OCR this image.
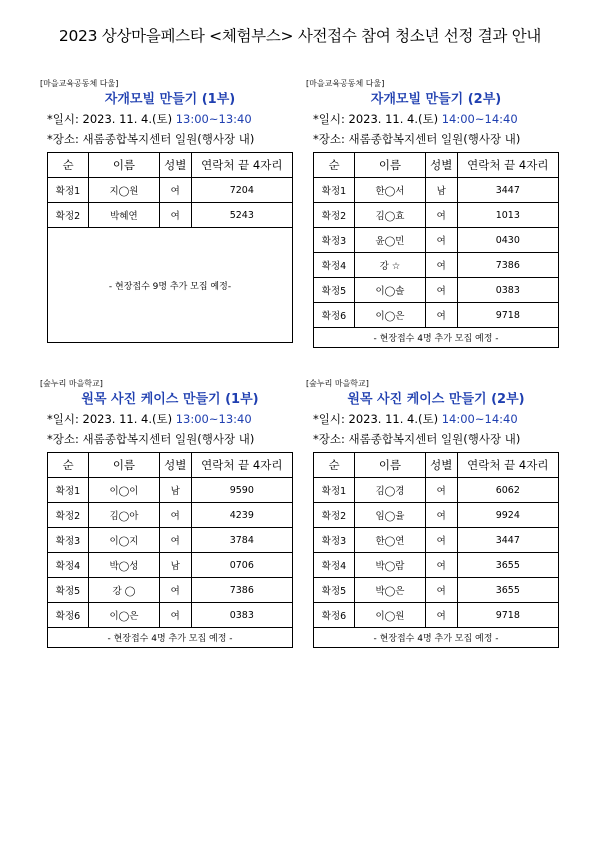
2023 상상마을페스타 <체험부스> 사전접수 참여 청소년 선정 결과 안내
[마을교육공동체 다울]
자개모빌 만들기 (1부)
*일시: 2023. 11. 4.(토) 13:00~13:40
*장소: 새롬종합복지센터 일원(행사장 내)
순	이름	성별	연락처 끝 4자리
확정1	지◯원	여	7204
확정2	박혜연	여	5243
- 현장접수 9명 추가 모집 예정-			
[마을교육공동체 다울]
자개모빌 만들기 (2부)
*일시: 2023. 11. 4.(토) 14:00~14:40
*장소: 새롬종합복지센터 일원(행사장 내)
순	이름	성별	연락처 끝 4자리
확정1	한◯서	남	3447
확정2	김◯효	여	1013
확정3	윤◯민	여	0430
확정4	강 ☆	여	7386
확정5	이◯솔	여	0383
확정6	이◯은	여	9718
- 현장접수 4명 추가 모집 예정 -			
[숲누리 마을학교]
원목 사진 케이스 만들기 (1부)
*일시: 2023. 11. 4.(토) 13:00~13:40
*장소: 새롬종합복지센터 일원(행사장 내)
순	이름	성별	연락처 끝 4자리
확정1	이◯이	남	9590
확정2	김◯아	여	4239
확정3	이◯지	여	3784
확정4	박◯성	남	0706
확정5	강 ◯	여	7386
확정6	이◯은	여	0383
- 현장접수 4명 추가 모집 예정 -			
[숲누리 마을학교]
원목 사진 케이스 만들기 (2부)
*일시: 2023. 11. 4.(토) 14:00~14:40
*장소: 새롬종합복지센터 일원(행사장 내)
순	이름	성별	연락처 끝 4자리
확정1	김◯경	여	6062
확정2	임◯율	여	9924
확정3	한◯연	여	3447
확정4	박◯람	여	3655
확정5	박◯은	여	3655
확정6	이◯원	여	9718
- 현장접수 4명 추가 모집 예정 -			
